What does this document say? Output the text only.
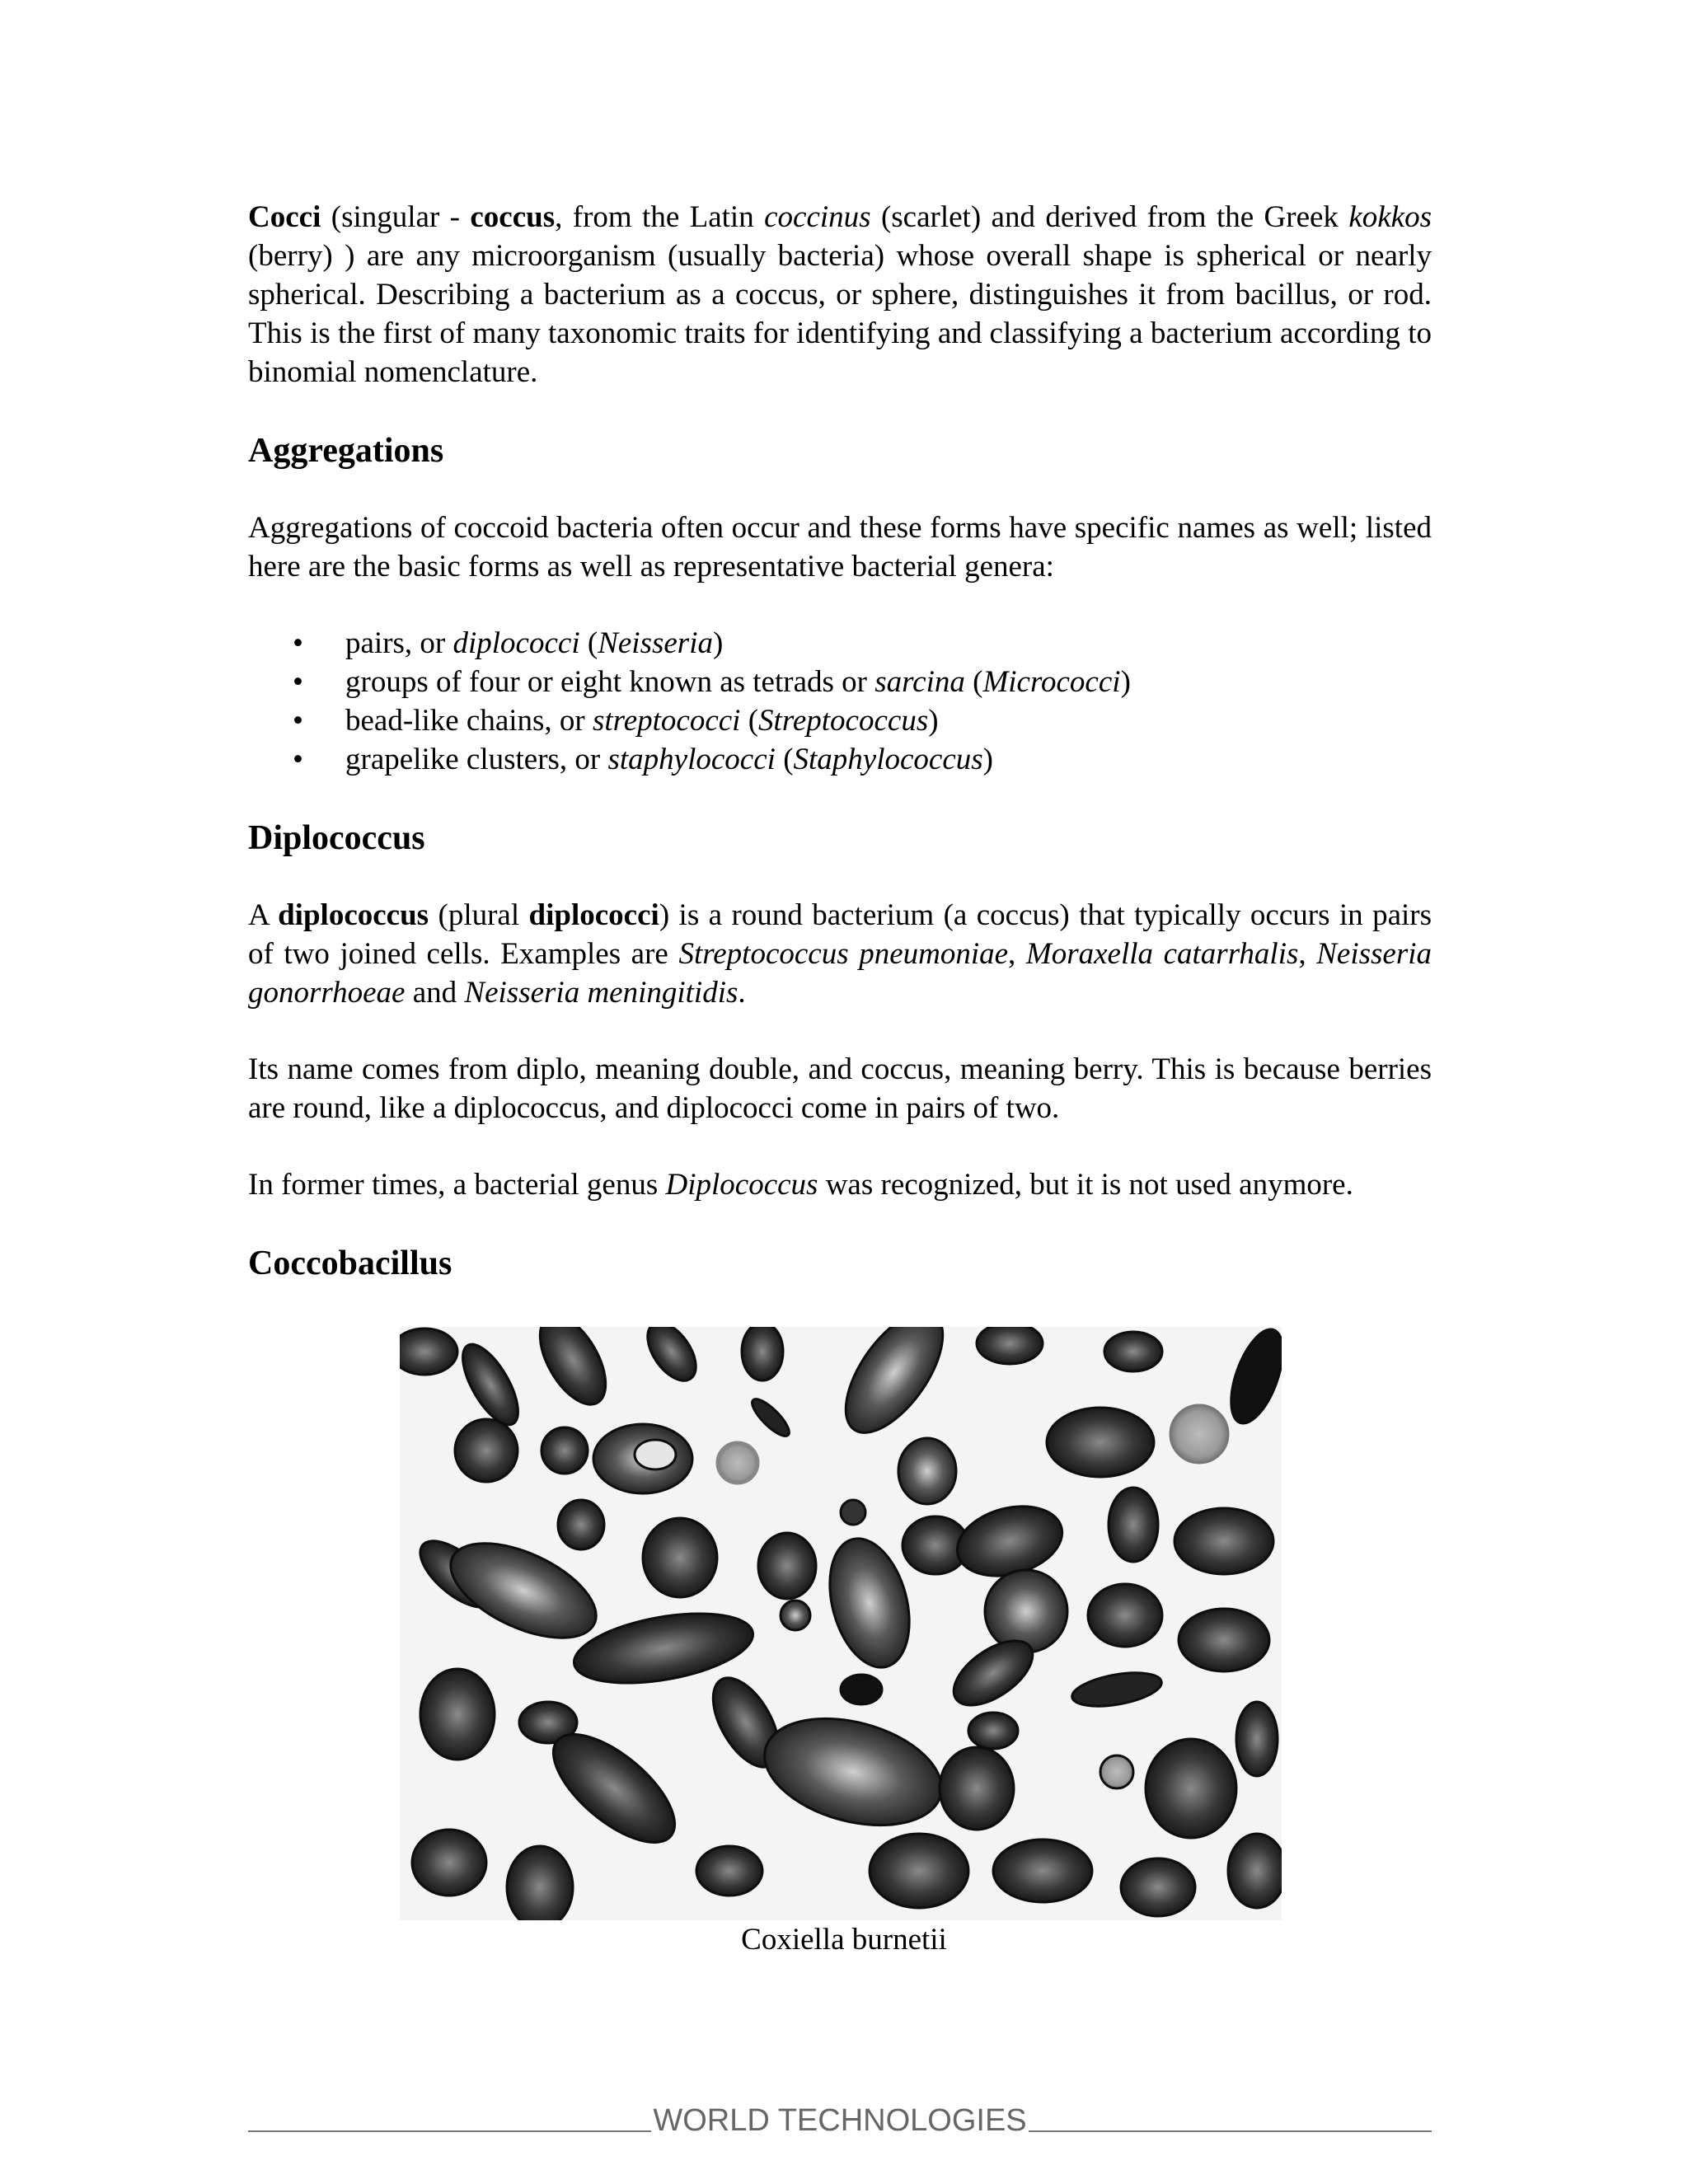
Cocci (singular - coccus, from the Latin coccinus (scarlet) and derived from the Greek kokkos (berry) ) are any microorganism (usually bacteria) whose overall shape is spherical or nearly spherical. Describing a bacterium as a coccus, or sphere, distinguishes it from bacillus, or rod. This is the first of many taxonomic traits for identifying and classifying a bacterium according to binomial nomenclature.

Aggregations

Aggregations of coccoid bacteria often occur and these forms have specific names as well; listed here are the basic forms as well as representative bacterial genera:

• pairs, or diplococci (Neisseria)
• groups of four or eight known as tetrads or sarcina (Micrococci)
• bead-like chains, or streptococci (Streptococcus)
• grapelike clusters, or staphylococci (Staphylococcus)
Diplococcus

A diplococcus (plural diplococci) is a round bacterium (a coccus) that typically occurs in pairs of two joined cells. Examples are Streptococcus pneumoniae, Moraxella catarrhalis, Neisseria gonorrhoeae and Neisseria meningitidis.

Its name comes from diplo, meaning double, and coccus, meaning berry. This is because berries are round, like a diplococcus, and diplococci come in pairs of two.

In former times, a bacterial genus Diplococcus was recognized, but it is not used anymore.

Coccobacillus
Coxiella burnetii
WORLD TECHNOLOGIES
